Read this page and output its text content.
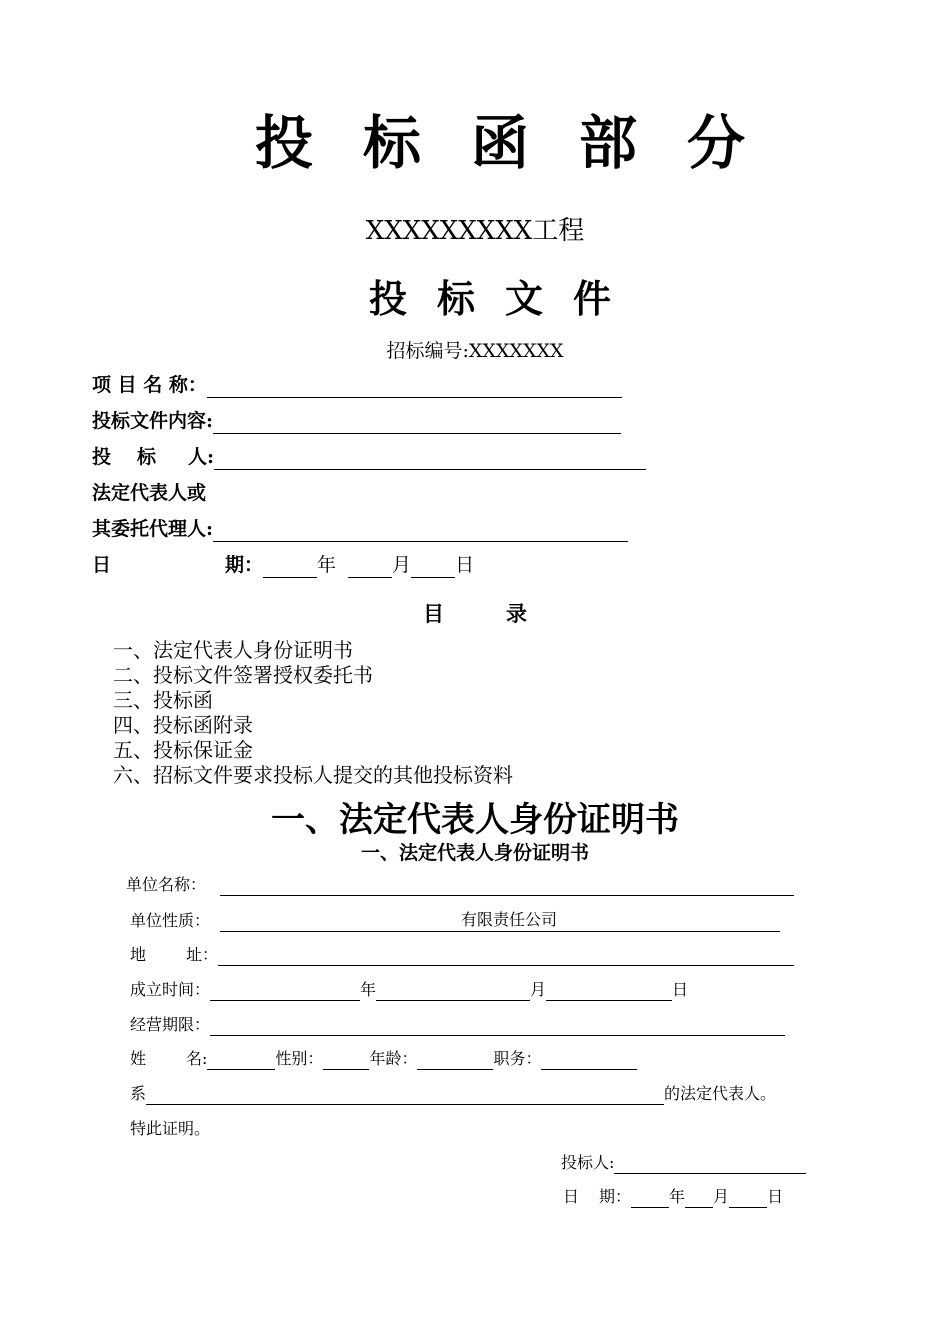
投标函部分
XXXXXXXXX工程
投标文件
招标编号:XXXXXXX
项 目 名 称：
投标文件内容:
投 标 人:
法定代表人或
其委托代理人:
日	期：	年	月 日
目	录
一、法定代表人身份证明书
二、投标文件签署授权委托书
三、投标函
四、投标函附录
五、投标保证金
六、招标文件要求投标人提交的其他投标资料
一、法定代表人身份证明书
一、法定代表人身份证明书
单位名称：
单位性质：	有限责任公司
地	址：
成立时间：	年	月	日
经营期限：
姓	名:	性别：	年龄：	职务：
系	的法定代表人。
特此证明。
投标人:
日 期： 年 月 日
